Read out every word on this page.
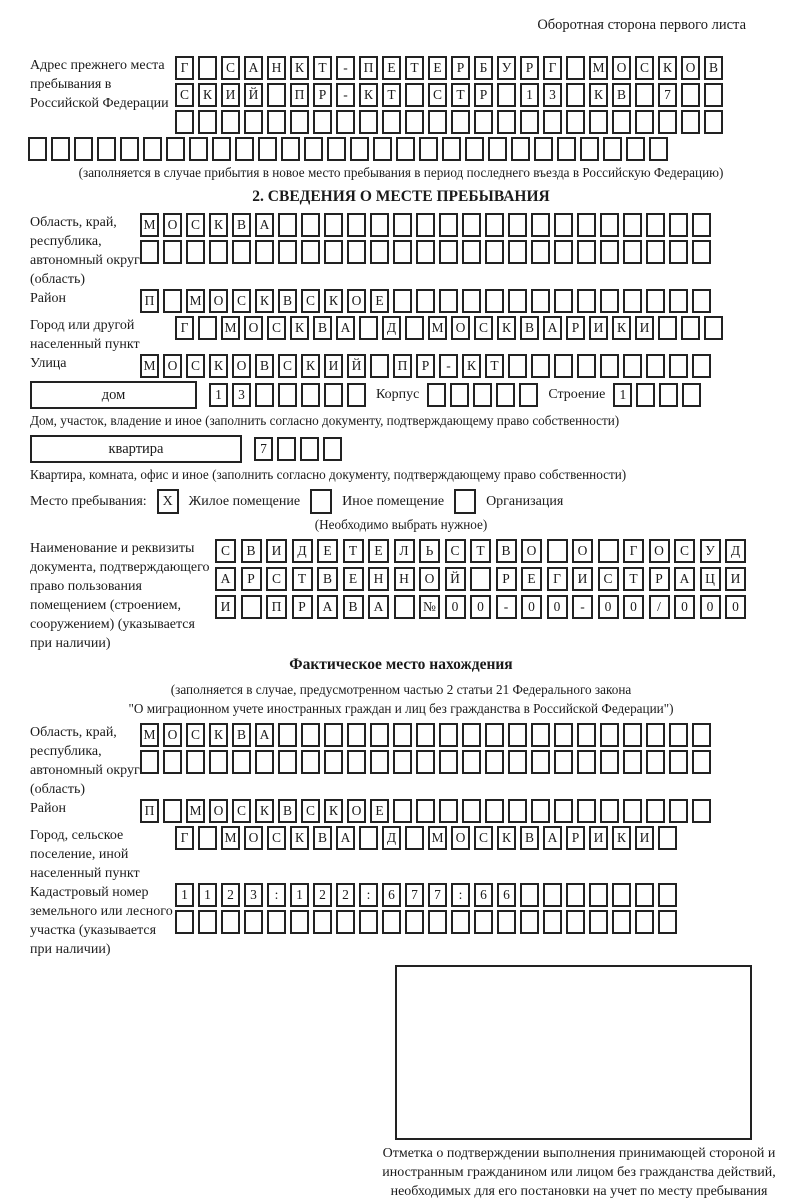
Оборотная сторона первого листа
Адрес прежнего места пребывания в Российской Федерации
Г	С	А Н	К	Т	-	П	Е	Т	Е	Р	Б	У	Р	Г	М О	С	К	О	В
С	К	И Й	П	Р	-	К	Т	С	Т	Р	1	3	К	В	7
(заполняется в случае прибытия в новое место пребывания в период последнего въезда в Российскую Федерацию)
2. СВЕДЕНИЯ О МЕСТЕ ПРЕБЫВАНИЯ
Область, край, республика, автономный округ (область)
М О	С	К	В	А
Район	П	М О	С	К	В	С	К	О	Е
Город или другой населенный пункт
Г	М О	С	К	В	А	Д	М О	С	К	В	А	Р	И	К	И
Улица	М О	С	К	О	В	С	К	И Й	П	Р	-	К	Т
дом	1	3	Корпус	Строение	1
Дом, участок, владение и иное (заполнить согласно документу, подтверждающему право собственности)
квартира	7
Квартира, комната, офис и иное (заполнить согласно документу, подтверждающему право собственности)
Место пребывания:	X	Жилое помещение	Иное помещение	Организация
(Необходимо выбрать нужное)
Наименование и реквизиты документа, подтверждающего право пользования помещением (строением, сооружением) (указывается при наличии)
С	В	И	Д	Е	Т	Е	Л	Ь	С	Т	В	О	О	Г	О	С	У	Д
А	Р	С	Т	В	Е	Н	Н	О	Й	Р	Е	Г	И	С	Т	Р	А	Ц	И
И	П	Р	А	В	А	№	0	0	-	0	0	-	0	0	/	0	0	0
Фактическое место нахождения
(заполняется в случае, предусмотренном частью 2 статьи 21 Федерального закона
"О миграционном учете иностранных граждан и лиц без гражданства в Российской Федерации")
Область, край, республика, автономный округ (область)
М О	С	К	В	А
Район	П	М О	С	К	В	С	К	О	Е
Город, сельское поселение, иной населенный пункт
Г	М О	С	К	В	А	Д	М О	С	К	В	А	Р	И	К	И
Кадастровый номер земельного или лесного участка (указывается при наличии)
1	1	2	3	:	1	2	2	:	6	7	7	:	6	6
Отметка о подтверждении выполнения принимающей стороной и иностранным гражданином или лицом без гражданства действий, необходимых для его постановки на учет по месту пребывания
